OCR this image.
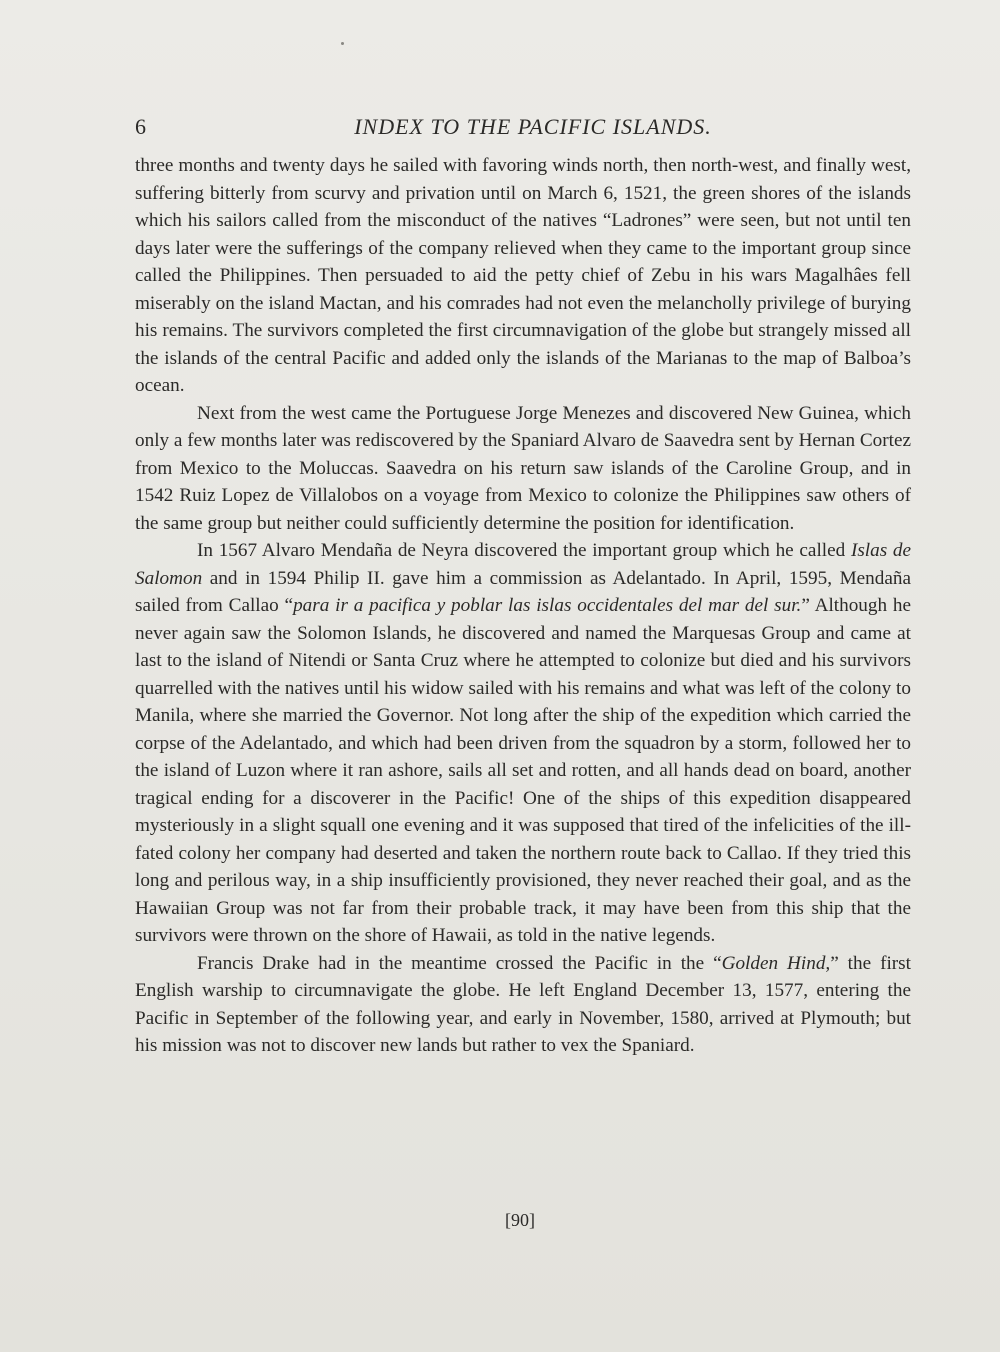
6	INDEX TO THE PACIFIC ISLANDS.

three months and twenty days he sailed with favoring winds north, then north-west, and finally west, suffering bitterly from scurvy and privation until on March 6, 1521, the green shores of the islands which his sailors called from the misconduct of the natives “Ladrones” were seen, but not until ten days later were the sufferings of the company relieved when they came to the important group since called the Philippines. Then persuaded to aid the petty chief of Zebu in his wars Magalhâes fell miserably on the island Mactan, and his comrades had not even the melancholly privilege of burying his remains. The survivors completed the first circumnavigation of the globe but strangely missed all the islands of the central Pacific and added only the islands of the Marianas to the map of Balboa’s ocean.

Next from the west came the Portuguese Jorge Menezes and discovered New Guinea, which only a few months later was rediscovered by the Spaniard Alvaro de Saavedra sent by Hernan Cortez from Mexico to the Moluccas. Saavedra on his return saw islands of the Caroline Group, and in 1542 Ruiz Lopez de Villalobos on a voyage from Mexico to colonize the Philippines saw others of the same group but neither could sufficiently determine the position for identification.

In 1567 Alvaro Mendaña de Neyra discovered the important group which he called Islas de Salomon and in 1594 Philip II. gave him a commission as Adelantado. In April, 1595, Mendaña sailed from Callao “para ir a pacifica y poblar las islas occidentales del mar del sur.” Although he never again saw the Solomon Islands, he discovered and named the Marquesas Group and came at last to the island of Nitendi or Santa Cruz where he attempted to colonize but died and his survivors quarrelled with the natives until his widow sailed with his remains and what was left of the colony to Manila, where she married the Governor. Not long after the ship of the expedition which carried the corpse of the Adelantado, and which had been driven from the squadron by a storm, followed her to the island of Luzon where it ran ashore, sails all set and rotten, and all hands dead on board, another tragical ending for a discoverer in the Pacific! One of the ships of this expedition disappeared mysteriously in a slight squall one evening and it was supposed that tired of the infelicities of the ill-fated colony her company had deserted and taken the northern route back to Callao. If they tried this long and perilous way, in a ship insufficiently provisioned, they never reached their goal, and as the Hawaiian Group was not far from their probable track, it may have been from this ship that the survivors were thrown on the shore of Hawaii, as told in the native legends.

Francis Drake had in the meantime crossed the Pacific in the “Golden Hind,” the first English warship to circumnavigate the globe. He left England December 13, 1577, entering the Pacific in September of the following year, and early in November, 1580, arrived at Plymouth; but his mission was not to discover new lands but rather to vex the Spaniard.

[90]
